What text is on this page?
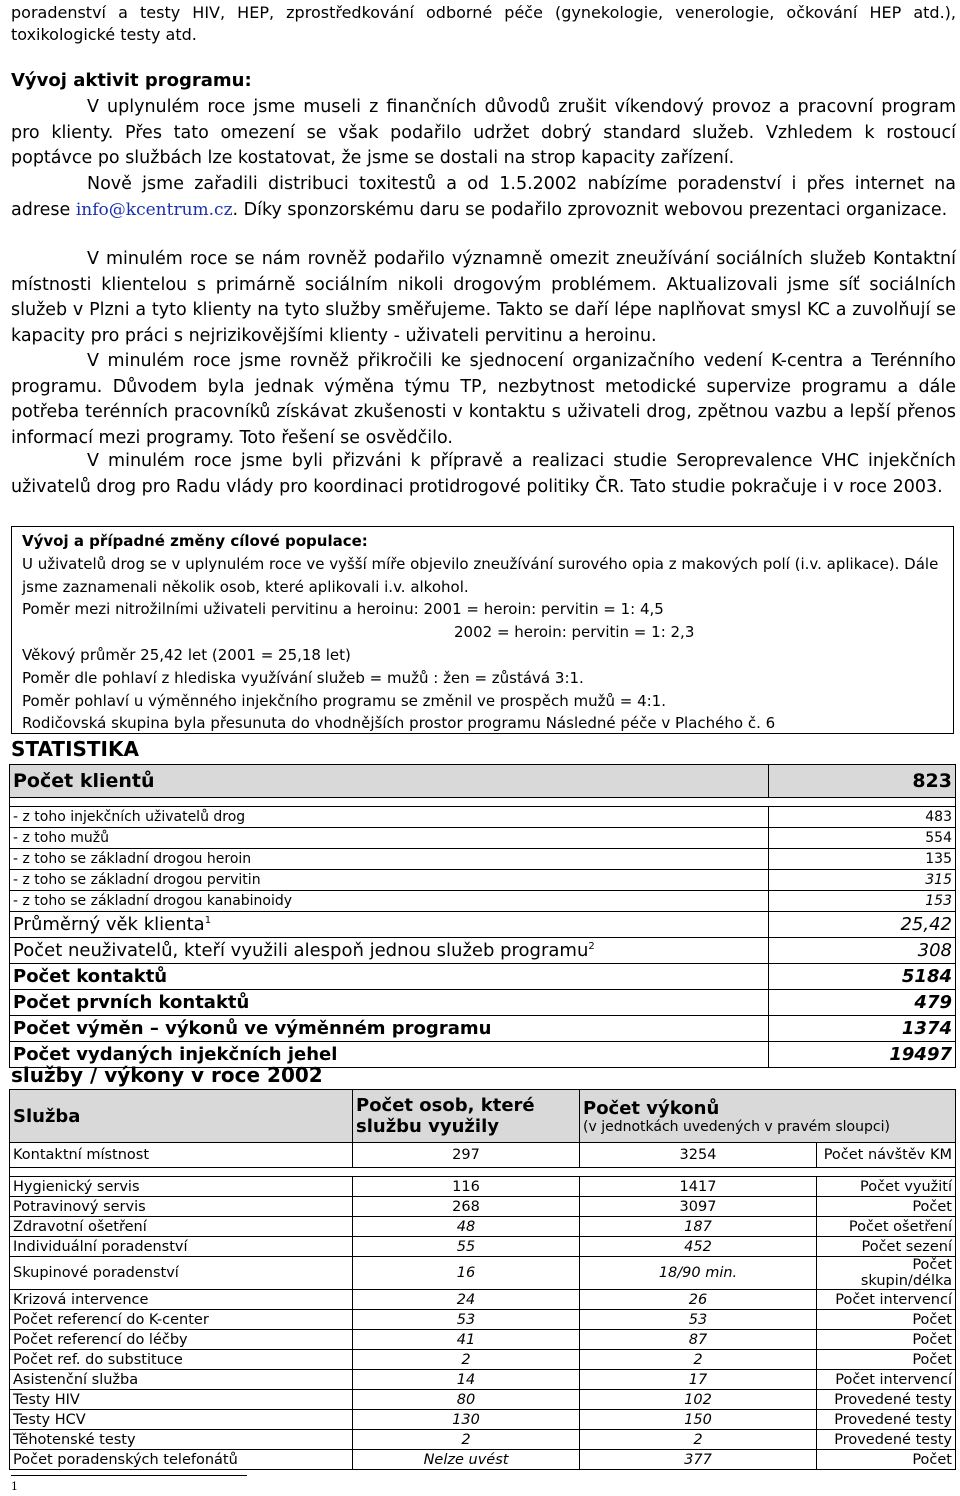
poradenství a testy HIV, HEP, zprostředkování odborné péče (gynekologie, venerologie, očkování HEP atd.), toxikologické testy atd.

Vývoj aktivit programu:
V uplynulém roce jsme museli z finančních důvodů zrušit víkendový provoz a pracovní program pro klienty. Přes tato omezení se však podařilo udržet dobrý standard služeb. Vzhledem k rostoucí poptávce po službách lze kostatovat, že jsme se dostali na strop kapacity zařízení.
Nově jsme zařadili distribuci toxitestů a od 1.5.2002 nabízíme poradenství i přes internet na adrese info@kcentrum.cz. Díky sponzorskému daru se podařilo zprovoznit webovou prezentaci organizace.
V minulém roce se nám rovněž podařilo významně omezit zneužívání sociálních služeb Kontaktní místnosti klientelou s primárně sociálním nikoli drogovým problémem. Aktualizovali jsme síť sociálních služeb v Plzni a tyto klienty na tyto služby směřujeme. Takto se daří lépe naplňovat smysl KC a zuvolňují se kapacity pro práci s nejrizikovějšími klienty - uživateli pervitinu a heroinu.
V minulém roce jsme rovněž přikročili ke sjednocení organizačního vedení K-centra a Terénního programu. Důvodem byla jednak výměna týmu TP, nezbytnost metodické supervize programu a dále potřeba terénních pracovníků získávat zkušenosti v kontaktu s uživateli drog, zpětnou vazbu a lepší přenos informací mezi programy. Toto řešení se osvědčilo.
V minulém roce jsme byli přizváni k přípravě a realizaci studie Seroprevalence VHC injekčních uživatelů drog pro Radu vlády pro koordinaci protidrogové politiky ČR. Tato studie pokračuje i v roce 2003.
Vývoj a případné změny cílové populace:
U uživatelů drog se v uplynulém roce ve vyšší míře objevilo zneužívání surového opia z makových polí (i.v. aplikace). Dále jsme zaznamenali několik osob, které aplikovali i.v. alkohol.
Poměr mezi nitrožilními uživateli pervitinu a heroinu: 2001 = heroin: pervitin = 1: 4,5
2002 = heroin: pervitin = 1: 2,3
Věkový průměr 25,42 let (2001 = 25,18 let)
Poměr dle pohlaví z hlediska využívání služeb = mužů : žen = zůstává 3:1.
Poměr pohlaví u výměnného injekčního programu se změnil ve prospěch mužů = 4:1.
Rodičovská skupina byla přesunuta do vhodnějších prostor programu Následné péče v Plachého č. 6
STATISTIKA
Počet klientů	823

- z toho injekčních uživatelů drog	483
- z toho mužů	554
- z toho se základní drogou heroin	135
- z toho se základní drogou pervitin	315
- z toho se základní drogou kanabinoidy	153
Průměrný věk klienta$^1$	25,42
Počet neuživatelů, kteří využili alespoň jednou služeb programu$^2$	308
Počet kontaktů	5184
Počet prvních kontaktů	479
Počet výměn – výkonů ve výměnném programu	1374
Počet vydaných injekčních jehel	19497
služby / výkony v roce 2002
Služba	Počet osob, které službu využily	Počet výkonů
(v jednotkách uvedených v pravém sloupci)	

Kontaktní místnost	297	3254	Počet návštěv KM

Hygienický servis	116	1417	Počet využití
Potravinový servis	268	3097	Počet
Zdravotní ošetření	48	187	Počet ošetření
Individuální poradenství	55	452	Počet sezení
Skupinové poradenství	16	18/90 min.	Počet skupin/délka
Krizová intervence	24	26	Počet intervencí
Počet referencí do K-center	53	53	Počet
Počet referencí do léčby	41	87	Počet
Počet ref. do substituce	2	2	Počet
Asistenční služba	14	17	Počet intervencí
Testy HIV	80	102	Provedené testy
Testy HCV	130	150	Provedené testy
Těhotenské testy	2	2	Provedené testy
Počet poradenských telefonátů	Nelze uvést	377	Počet
1
